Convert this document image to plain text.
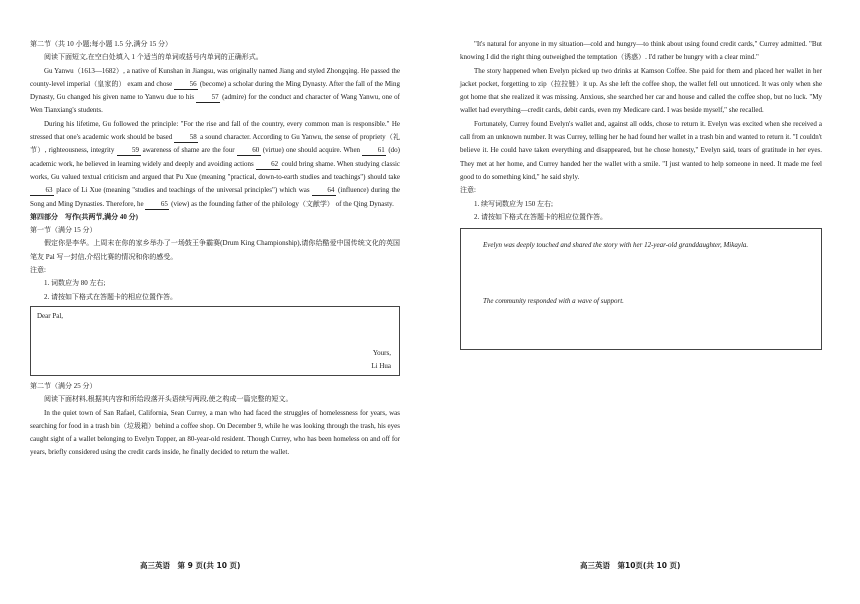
第二节（共 10 小题;每小题 1.5 分,满分 15 分）

阅读下面短文,在空白处填入 1 个适当的单词或括号内单词的正确形式。

Gu Yanwu（1613—1682）, a native of Kunshan in Jiangsu, was originally named Jiang and styled Zhongqing. He passed the county-level imperial（皇家的） exam and chose 56 (become) a scholar during the Ming Dynasty. After the fall of the Ming Dynasty, Gu changed his given name to Yanwu due to his 57 (admire) for the conduct and character of Wang Yanwu, one of Wen Tianxiang's students.

During his lifetime, Gu followed the principle: "For the rise and fall of the country, every common man is responsible." He stressed that one's academic work should be based 58 a sound character. According to Gu Yanwu, the sense of propriety（礼节）, righteousness, integrity 59 awareness of shame are the four 60 (virtue) one should acquire. When 61 (do) academic work, he believed in learning widely and deeply and avoiding actions 62 could bring shame. When studying classic works, Gu valued textual criticism and argued that Pu Xue (meaning "practical, down-to-earth studies and teachings") should take 63 place of Li Xue (meaning "studies and teachings of the universal principles") which was 64 (influence) during the Song and Ming Dynasties. Therefore, he 65 (view) as the founding father of the philology（文献学） of the Qing Dynasty.

第四部分　写作(共两节,满分 40 分)

第一节（满分 15 分）

假定你是李华。上周末在你的家乡举办了一场鼓王争霸赛(Drum King Championship),请你给酷爱中国传统文化的英国笔友 Pal 写一封信,介绍比赛的情况和你的感受。

注意:

1. 词数应为 80 左右;

2. 请按如下格式在答题卡的相应位置作答。

Dear Pal,
Yours,
Li Hua

第二节（满分 25 分）

阅读下面材料,根据其内容和所给段落开头语续写两段,使之构成一篇完整的短文。

In the quiet town of San Rafael, California, Sean Currey, a man who had faced the struggles of homelessness for years, was searching for food in a trash bin（垃圾箱）behind a coffee shop. On December 9, while he was looking through the trash, his eyes caught sight of a wallet belonging to Evelyn Topper, an 80-year-old resident. Though Currey, who has been homeless on and off for years, briefly considered using the credit cards inside, he finally decided to return the wallet.

高三英语　第 9 页(共 10 页)

"It's natural for anyone in my situation—cold and hungry—to think about using found credit cards," Currey admitted. "But knowing I did the right thing outweighed the temptation（诱惑）. I'd rather be hungry with a clear mind."

The story happened when Evelyn picked up two drinks at Kamson Coffee. She paid for them and placed her wallet in her jacket pocket, forgetting to zip（拉拉链）it up. As she left the coffee shop, the wallet fell out unnoticed. It was only when she got home that she realized it was missing. Anxious, she searched her car and house and called the coffee shop, but no luck. "My wallet had everything—credit cards, debit cards, even my Medicare card. I was beside myself," she recalled.

Fortunately, Currey found Evelyn's wallet and, against all odds, chose to return it. Evelyn was excited when she received a call from an unknown number. It was Currey, telling her he had found her wallet in a trash bin and wanted to return it. "I couldn't believe it. He could have taken everything and disappeared, but he chose honesty," Evelyn said, tears of gratitude in her eyes. They met at her home, and Currey handed her the wallet with a smile. "I just wanted to help someone in need. It made me feel good to do something kind," he said shyly.

注意:

1. 续写词数应为 150 左右;

2. 请按如下格式在答题卡的相应位置作答。

Evelyn was deeply touched and shared the story with her 12-year-old granddaughter, Mikayla.
The community responded with a wave of support.
高三英语　第10页(共 10 页)
